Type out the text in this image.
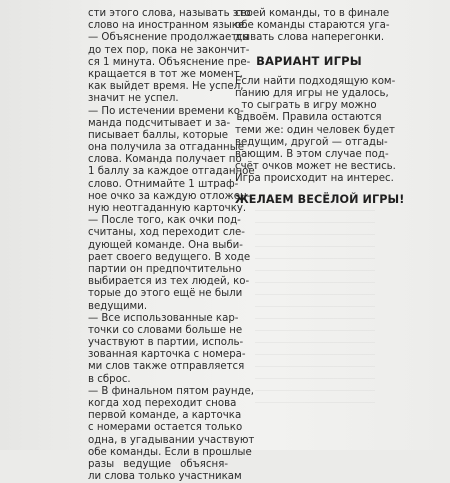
сти этого слова, называть это
слово на иностранном языке.
— Объяснение продолжается
до тех пор, пока не закончит-
ся 1 минута. Объяснение пре-
кращается в тот же момент,
как выйдет время. Не успел,
значит не успел.
— По истечении времени ко-
манда подсчитывает и за-
писывает баллы, которые
она получила за отгаданные
слова. Команда получает по
1 баллу за каждое отгаданное
слово. Отнимайте 1 штраф-
ное очко за каждую отложен-
ную неотгаданную карточку.
— После того, как очки под-
считаны, ход переходит сле-
дующей команде. Она выби-
рает своего ведущего. В ходе
партии он предпочтительно
выбирается из тех людей, ко-
торые до этого ещё не были
ведущими.
— Все использованные кар-
точки со словами больше не
участвуют в партии, исполь-
зованная карточка с номера-
ми слов также отправляется
в сброс.
— В финальном пятом раунде,
когда ход переходит снова
первой команде, а карточка
с номерами остается только
одна, в угадывании участвуют
обе команды. Если в прошлые
разы ведущие объясня-
ли слова только участникам
своей команды, то в финале
обе команды стараются уга-
дывать слова наперегонки.
ВАРИАНТ ИГРЫ
Если найти подходящую ком-
панию для игры не удалось,
то сыграть в игру можно
вдвоём. Правила остаются
теми же: один человек будет
ведущим, другой — отгады-
вающим. В этом случае под-
счёт очков может не вестись.
Игра происходит на интерес.
ЖЕЛАЕМ ВЕСЁЛОЙ ИГРЫ!
